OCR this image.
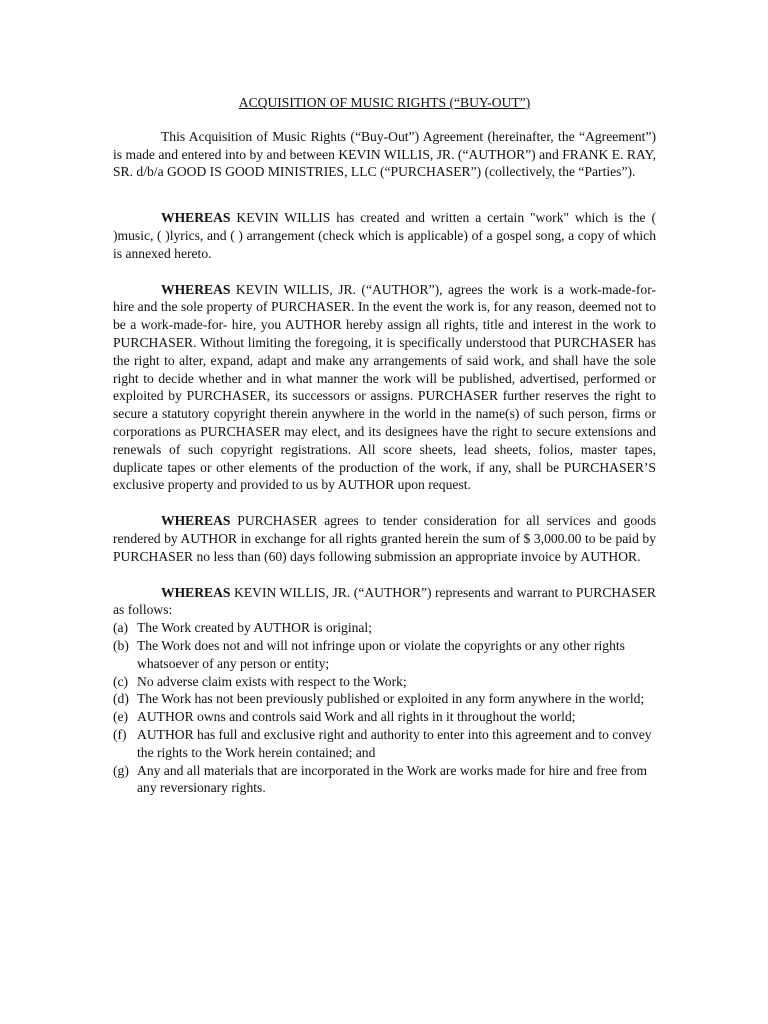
ACQUISITION OF MUSIC RIGHTS (“BUY-OUT”)

This Acquisition of Music Rights (“Buy-Out”) Agreement (hereinafter, the “Agreement”) is made and entered into by and between KEVIN WILLIS, JR. (“AUTHOR”) and FRANK E. RAY, SR. d/b/a GOOD IS GOOD MINISTRIES, LLC (“PURCHASER”) (collectively, the “Parties”).

WHEREAS KEVIN WILLIS has created and written a certain "work" which is the ( )music, ( )lyrics, and ( ) arrangement (check which is applicable) of a gospel song, a copy of which is annexed hereto.

WHEREAS KEVIN WILLIS, JR. (“AUTHOR”), agrees the work is a work-made-for-hire and the sole property of PURCHASER. In the event the work is, for any reason, deemed not to be a work-made-for- hire, you AUTHOR hereby assign all rights, title and interest in the work to PURCHASER. Without limiting the foregoing, it is specifically understood that PURCHASER has the right to alter, expand, adapt and make any arrangements of said work, and shall have the sole right to decide whether and in what manner the work will be published, advertised, performed or exploited by PURCHASER, its successors or assigns. PURCHASER further reserves the right to secure a statutory copyright therein anywhere in the world in the name(s) of such person, firms or corporations as PURCHASER may elect, and its designees have the right to secure extensions and renewals of such copyright registrations. All score sheets, lead sheets, folios, master tapes, duplicate tapes or other elements of the production of the work, if any, shall be PURCHASER’S exclusive property and provided to us by AUTHOR upon request.

WHEREAS PURCHASER agrees to tender consideration for all services and goods rendered by AUTHOR in exchange for all rights granted herein the sum of $ 3,000.00 to be paid by PURCHASER no less than (60) days following submission an appropriate invoice by AUTHOR.

WHEREAS KEVIN WILLIS, JR. (“AUTHOR”) represents and warrant to PURCHASER as follows:

(a) The Work created by AUTHOR is original;
(b) The Work does not and will not infringe upon or violate the copyrights or any other rights whatsoever of any person or entity;
(c) No adverse claim exists with respect to the Work;
(d) The Work has not been previously published or exploited in any form anywhere in the world;
(e) AUTHOR owns and controls said Work and all rights in it throughout the world;
(f) AUTHOR has full and exclusive right and authority to enter into this agreement and to convey the rights to the Work herein contained; and
(g) Any and all materials that are incorporated in the Work are works made for hire and free from any reversionary rights.
